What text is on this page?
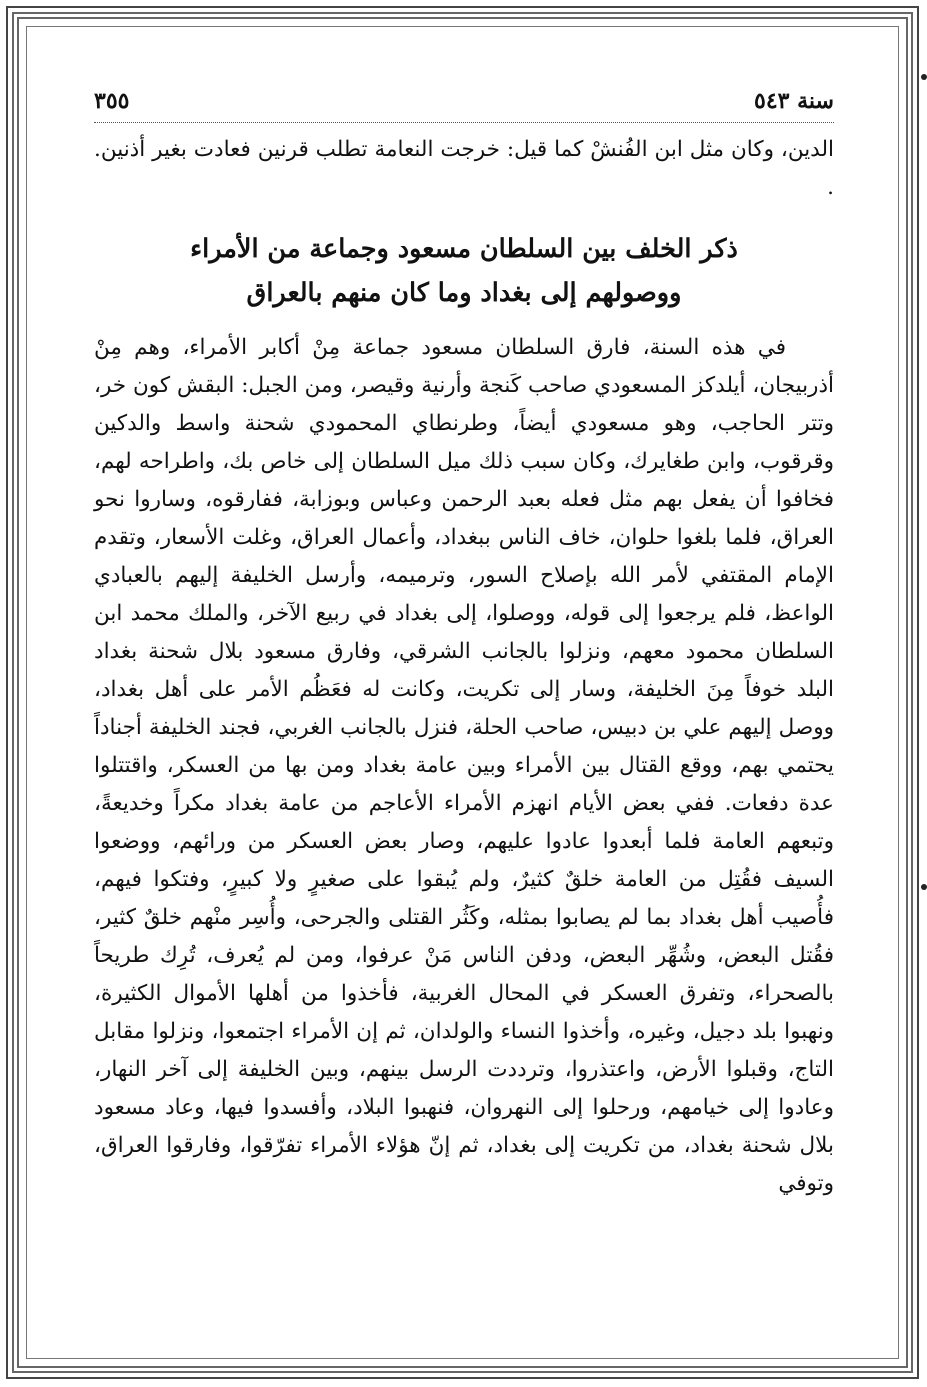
سنة ٥٤٣
٣٥٥

الدين، وكان مثل ابن الفُنشْ كما قيل: خرجت النعامة تطلب قرنين فعادت بغير أذنين. .

ذكر الخلف بين السلطان مسعود وجماعة من الأمراء
ووصولهم إلى بغداد وما كان منهم بالعراق

في هذه السنة، فارق السلطان مسعود جماعة مِنْ أكابر الأمراء، وهم مِنْ أذربيجان، أيلدكز المسعودي صاحب كَنجة وأرنية وقيصر، ومن الجبل: البقش كون خر، وتتر الحاجب، وهو مسعودي أيضاً، وطرنطاي المحمودي شحنة واسط والدكين وقرقوب، وابن طغايرك، وكان سبب ذلك ميل السلطان إلى خاص بك، واطراحه لهم، فخافوا أن يفعل بهم مثل فعله بعبد الرحمن وعباس وبوزابة، ففارقوه، وساروا نحو العراق، فلما بلغوا حلوان، خاف الناس ببغداد، وأعمال العراق، وغلت الأسعار، وتقدم الإمام المقتفي لأمر الله بإصلاح السور، وترميمه، وأرسل الخليفة إليهم بالعبادي الواعظ، فلم يرجعوا إلى قوله، ووصلوا، إلى بغداد في ربيع الآخر، والملك محمد ابن السلطان محمود معهم، ونزلوا بالجانب الشرقي، وفارق مسعود بلال شحنة بغداد البلد خوفاً مِنَ الخليفة، وسار إلى تكريت، وكانت له فعَظُم الأمر على أهل بغداد، ووصل إليهم علي بن دبيس، صاحب الحلة، فنزل بالجانب الغربي، فجند الخليفة أجناداً يحتمي بهم، ووقع القتال بين الأمراء وبين عامة بغداد ومن بها من العسكر، واقتتلوا عدة دفعات. ففي بعض الأيام انهزم الأمراء الأعاجم من عامة بغداد مكراً وخديعةً، وتبعهم العامة فلما أبعدوا عادوا عليهم، وصار بعض العسكر من ورائهم، ووضعوا السيف فقُتِل من العامة خلقٌ كثيرٌ، ولم يُبقوا على صغيرٍ ولا كبيرٍ، وفتكوا فيهم، فأُصيب أهل بغداد بما لم يصابوا بمثله، وكَثُر القتلى والجرحى، وأُسِر منْهم خلقٌ كثير، فقُتل البعض، وشُهِّر البعض، ودفن الناس مَنْ عرفوا، ومن لم يُعرف، تُرِك طريحاً بالصحراء، وتفرق العسكر في المحال الغربية، فأخذوا من أهلها الأموال الكثيرة، ونهبوا بلد دجيل، وغيره، وأخذوا النساء والولدان، ثم إن الأمراء اجتمعوا، ونزلوا مقابل التاج، وقبلوا الأرض، واعتذروا، وترددت الرسل بينهم، وبين الخليفة إلى آخر النهار، وعادوا إلى خيامهم، ورحلوا إلى النهروان، فنهبوا البلاد، وأفسدوا فيها، وعاد مسعود بلال شحنة بغداد، من تكريت إلى بغداد، ثم إنّ هؤلاء الأمراء تفرّقوا، وفارقوا العراق، وتوفي
